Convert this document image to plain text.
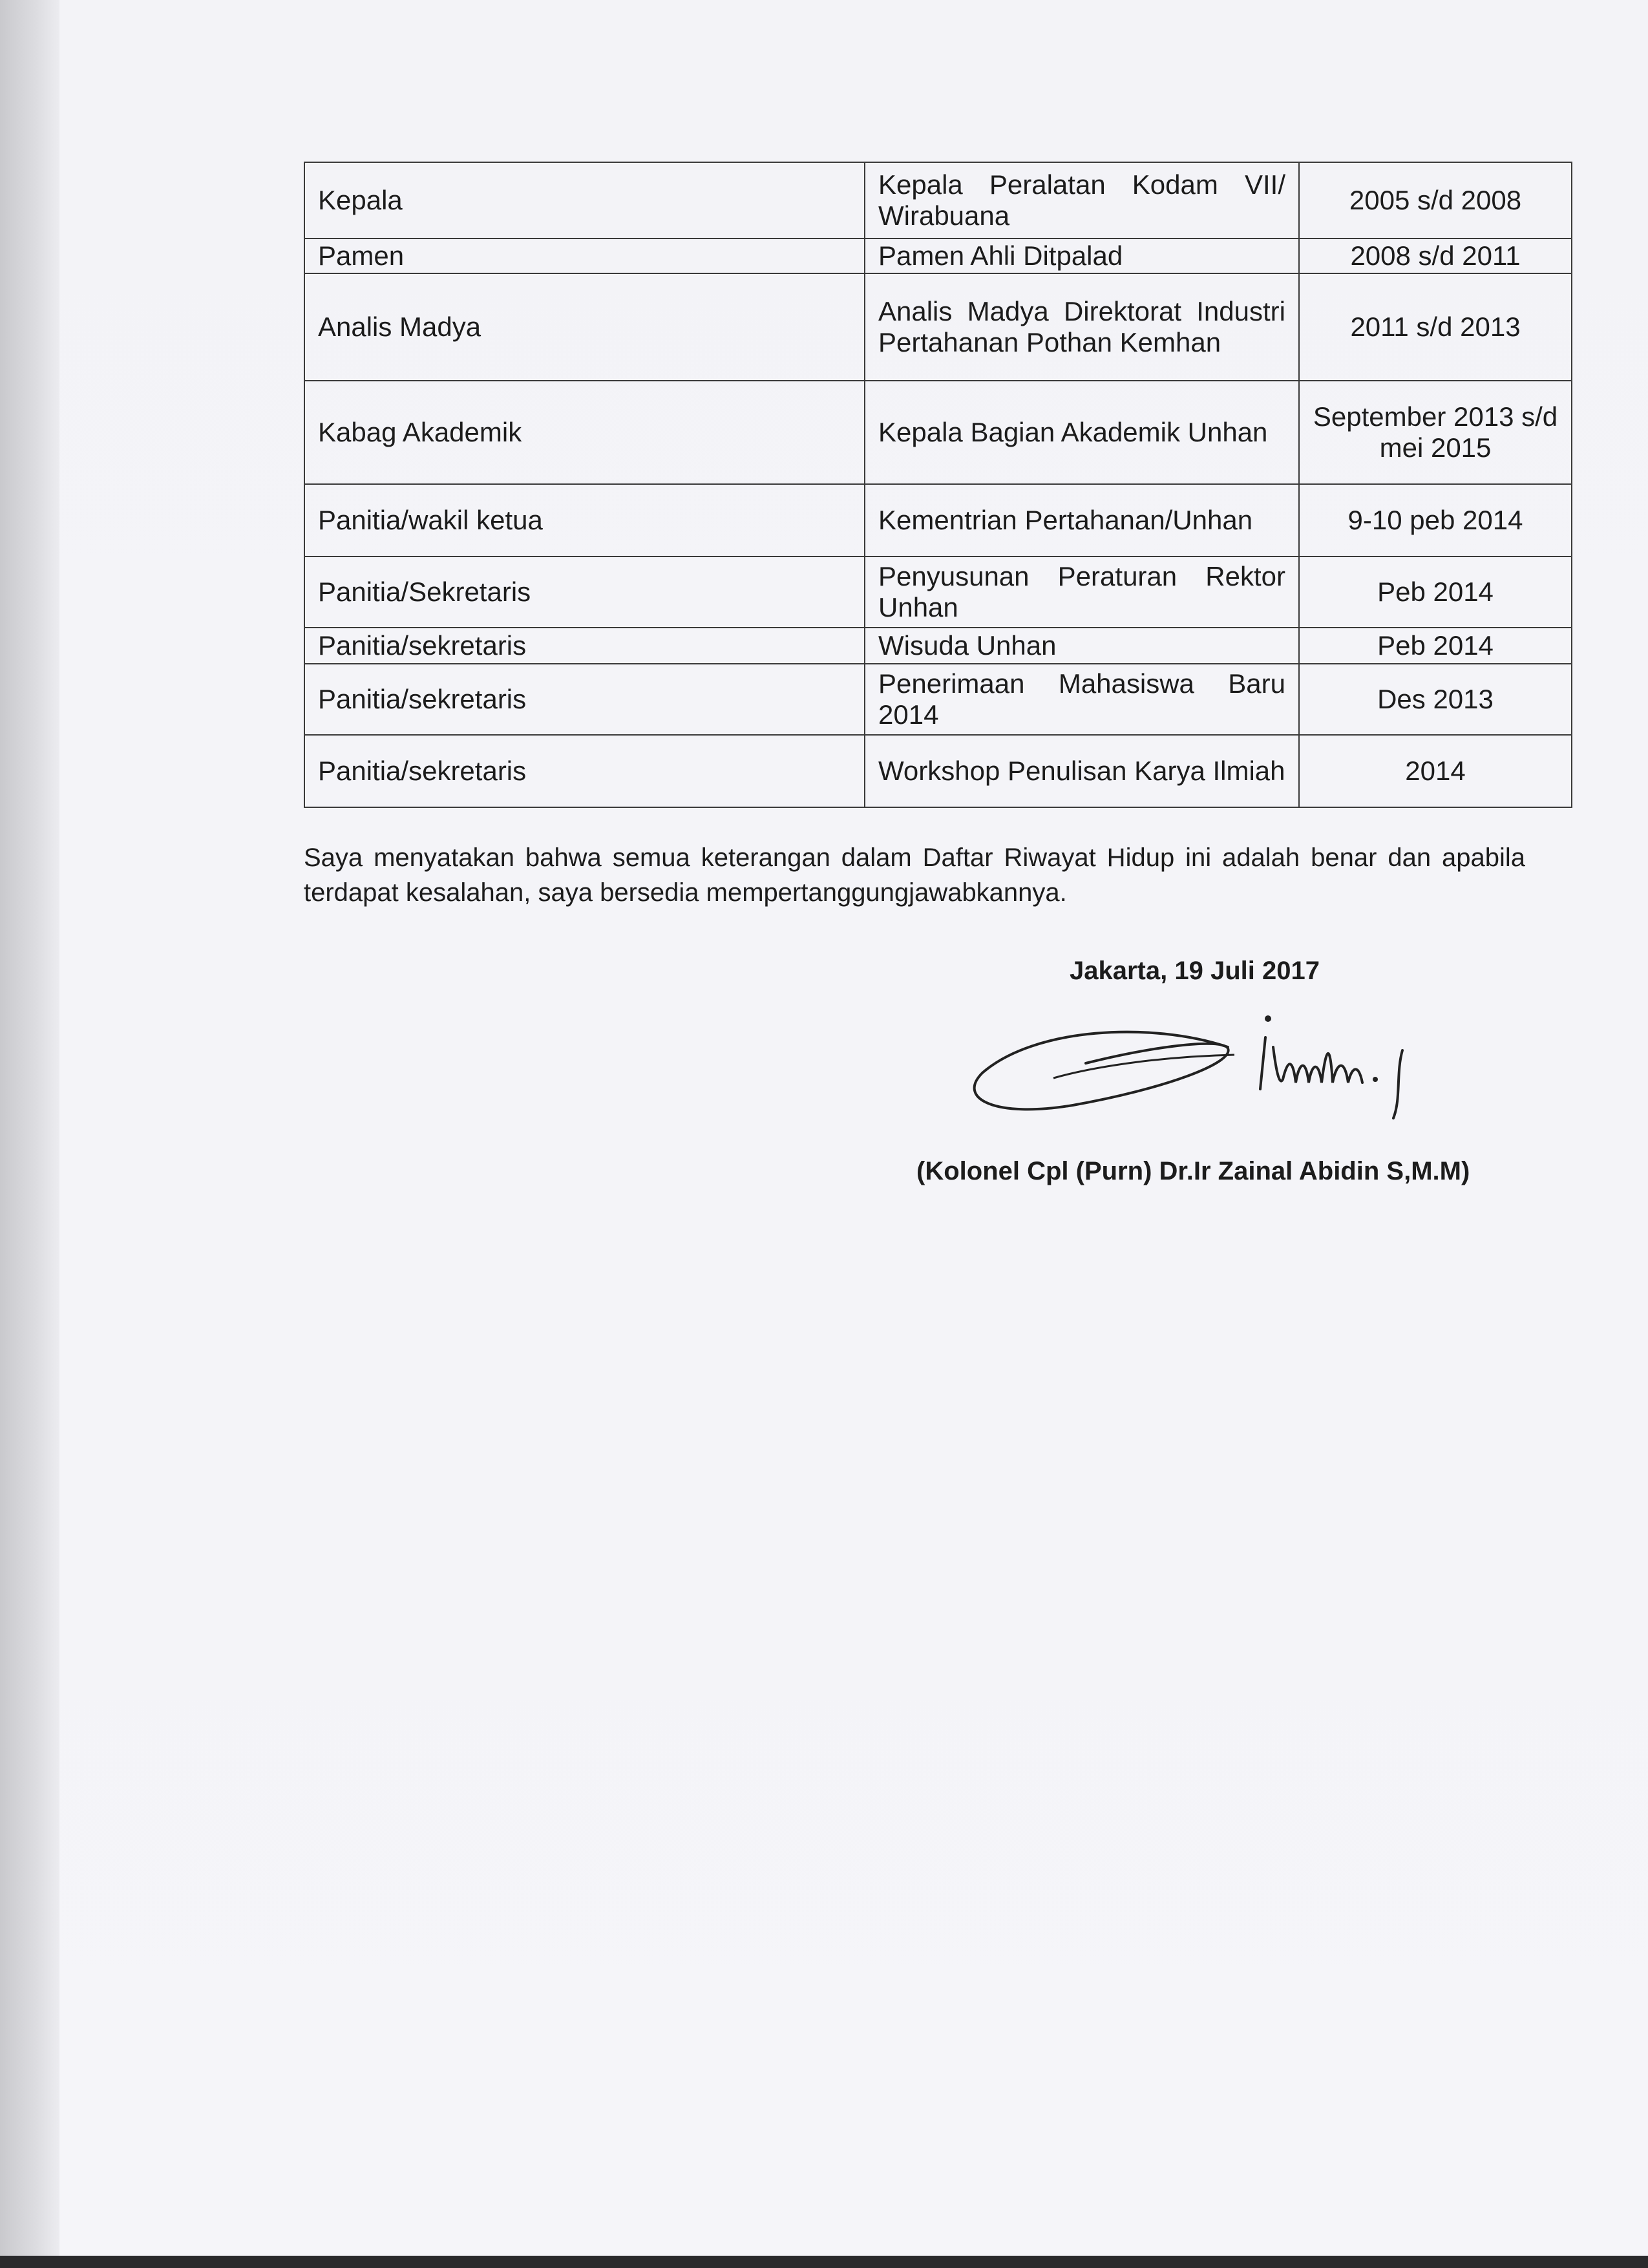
Kepala	Kepala Peralatan Kodam VII/ Wirabuana	2005 s/d 2008
Pamen	Pamen Ahli Ditpalad	2008 s/d 2011
Analis Madya	Analis Madya Direktorat Industri Pertahanan Pothan Kemhan	2011 s/d 2013
Kabag Akademik	Kepala Bagian Akademik Unhan	September 2013 s/d mei 2015
Panitia/wakil ketua	Kementrian Pertahanan/Unhan	9-10 peb 2014
Panitia/Sekretaris	Penyusunan Peraturan Rektor Unhan	Peb 2014
Panitia/sekretaris	Wisuda Unhan	Peb 2014
Panitia/sekretaris	Penerimaan Mahasiswa Baru 2014	Des 2013
Panitia/sekretaris	Workshop Penulisan Karya Ilmiah	2014

Saya menyatakan bahwa semua keterangan dalam Daftar Riwayat Hidup ini adalah benar dan apabila terdapat kesalahan, saya bersedia mempertanggungjawabkannya.

Jakarta, 19 Juli 2017
(Kolonel Cpl (Purn) Dr.Ir Zainal Abidin S,M.M)
